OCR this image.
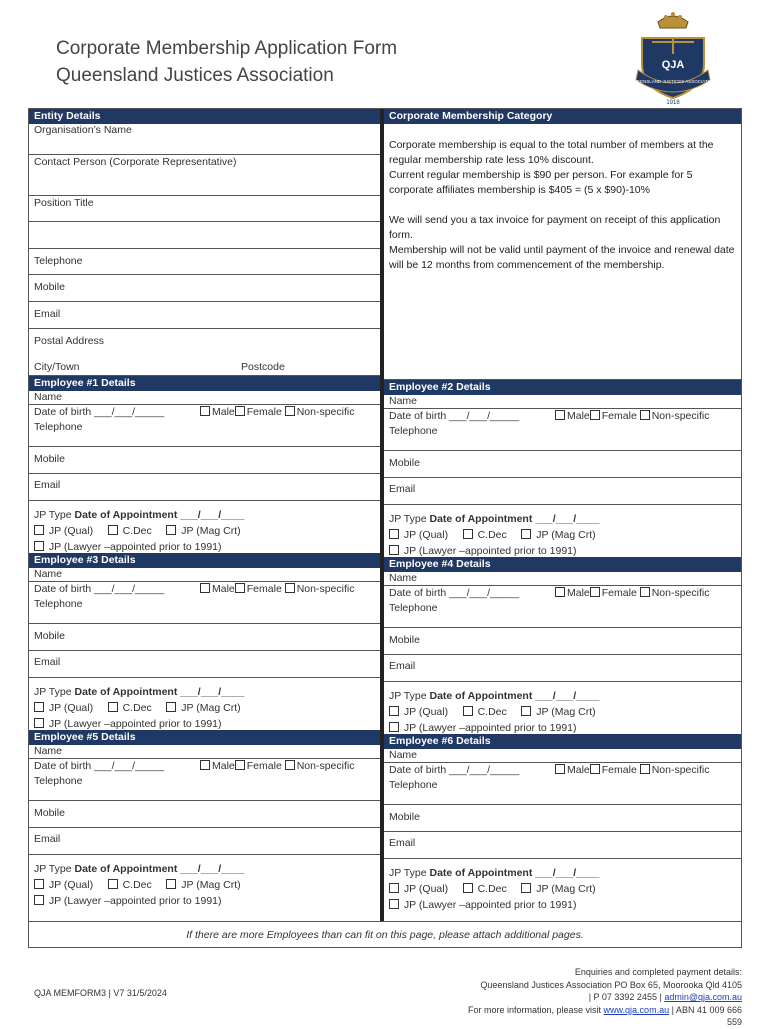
Corporate Membership Application Form
Queensland Justices Association	QJA
QUEENSLAND JUSTICES ASSOCIATION
1918
Entity Details
Organisation’s Name
Contact Person (Corporate Representative)
Position Title
Telephone
Mobile
Email
Postal Address
City/Town	Postcode
Employee #1 Details
Name
Date of birth ___/___/_____	Male Female Non-specific
Telephone
Mobile
Email
JP Type Date of Appointment ___/___/____
JP (Qual)	C.Dec	JP (Mag Crt)
JP (Lawyer –appointed prior to 1991)
Employee #3 Details
Name
Date of birth ___/___/_____	Male Female Non-specific
Telephone
Mobile
Email
JP Type Date of Appointment ___/___/____
JP (Qual)	C.Dec	JP (Mag Crt)
JP (Lawyer –appointed prior to 1991)
Employee #5 Details
Name
Date of birth ___/___/_____	Male Female Non-specific
Telephone
Mobile
Email
JP Type Date of Appointment ___/___/____
JP (Qual)	C.Dec	JP (Mag Crt)
JP (Lawyer –appointed prior to 1991)
Corporate Membership Category
Corporate membership is equal to the total number of members at the regular membership rate less 10% discount.
Current regular membership is $90 per person. For example for 5 corporate affiliates membership is $405 = (5 x $90)-10%
We will send you a tax invoice for payment on receipt of this application form.
Membership will not be valid until payment of the invoice and renewal date will be 12 months from commencement of the membership.
Employee #2 Details
Name
Date of birth ___/___/_____	Male Female Non-specific
Telephone
Mobile
Email
JP Type Date of Appointment ___/___/____
JP (Qual)	C.Dec	JP (Mag Crt)
JP (Lawyer –appointed prior to 1991)
Employee #4 Details
Name
Date of birth ___/___/_____	Male Female Non-specific
Telephone
Mobile
Email
JP Type Date of Appointment ___/___/____
JP (Qual)	C.Dec	JP (Mag Crt)
JP (Lawyer –appointed prior to 1991)
Employee #6 Details
Name
Date of birth ___/___/_____	Male Female Non-specific
Telephone
Mobile
Email
JP Type Date of Appointment ___/___/____
JP (Qual)	C.Dec	JP (Mag Crt)
JP (Lawyer –appointed prior to 1991)
If there are more Employees than can fit on this page, please attach additional pages.
QJA MEMFORM3 | V7 31/5/2024
Enquiries and completed payment details:
Queensland Justices Association PO Box 65, Moorooka Qld 4105
| P 07 3392 2455 | admin@qja.com.au
For more information, please visit www.qja.com.au | ABN 41 009 666
559
